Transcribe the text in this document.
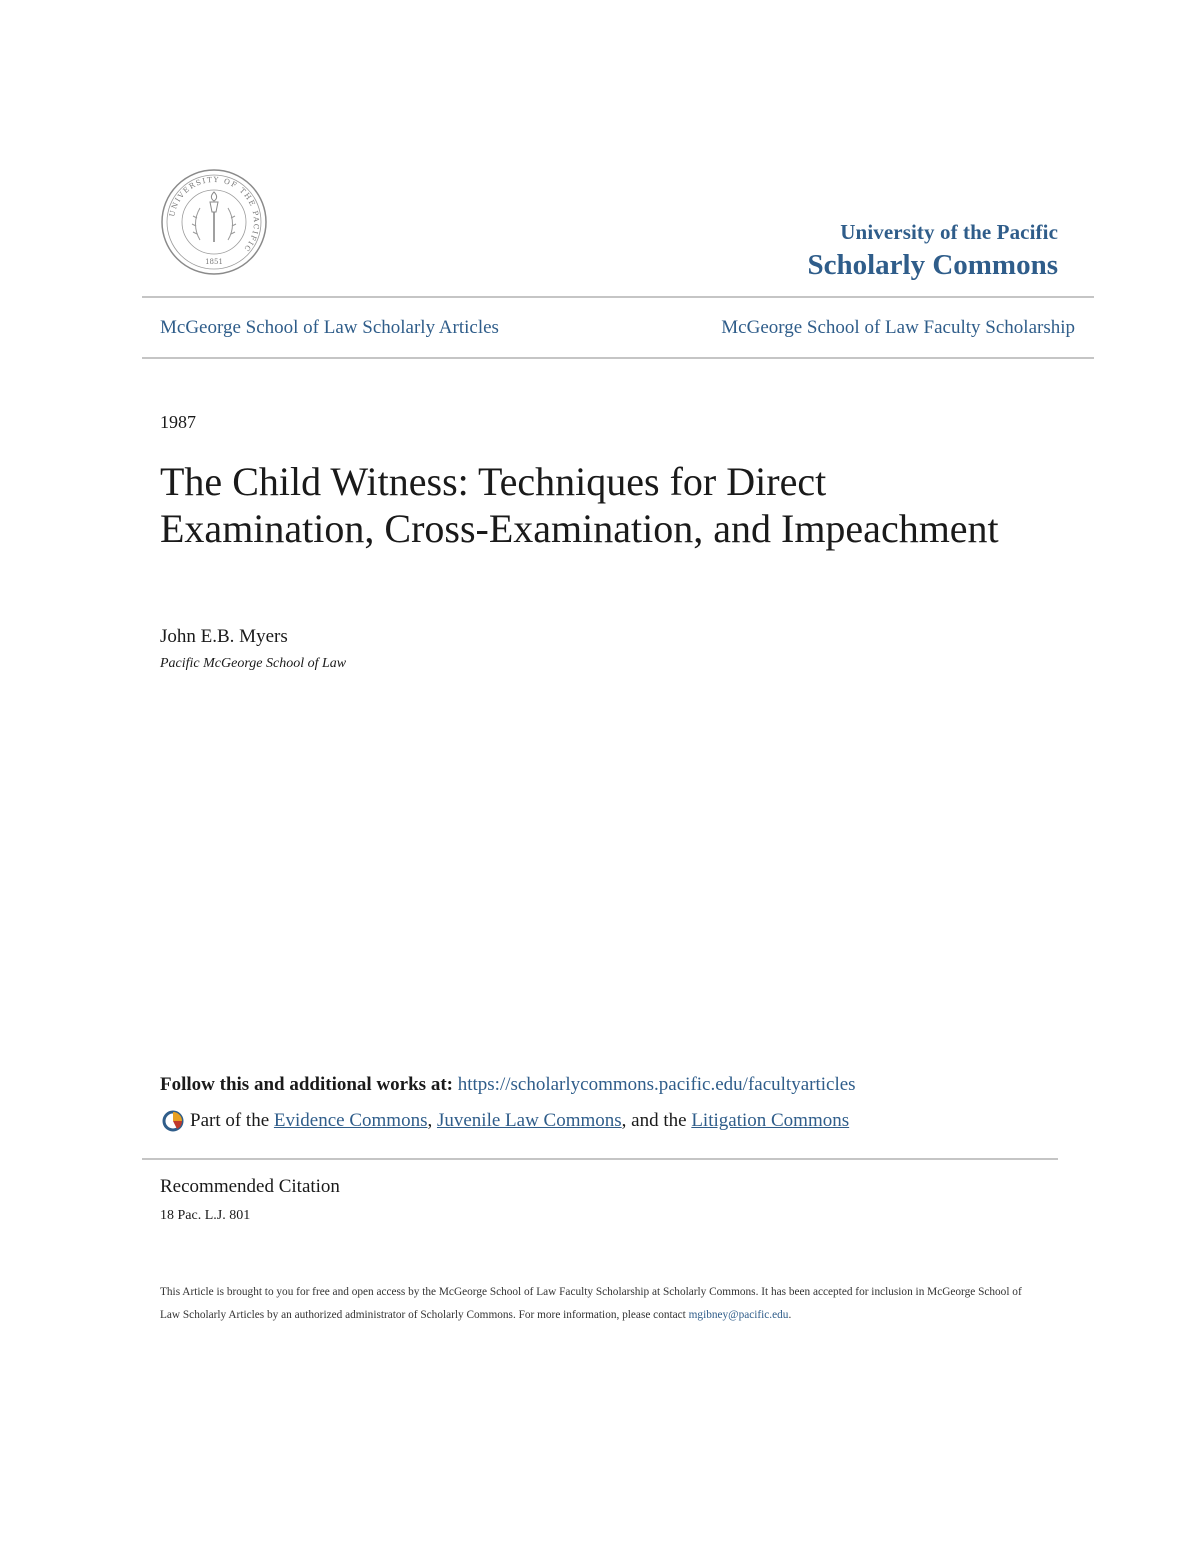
UNIVERSITY OF THE PACIFIC
1851
University of the Pacific
Scholarly Commons
McGeorge School of Law Scholarly Articles	McGeorge School of Law Faculty Scholarship
1987
The Child Witness: Techniques for Direct Examination, Cross-Examination, and Impeachment
John E.B. Myers
Pacific McGeorge School of Law
Follow this and additional works at: https://scholarlycommons.pacific.edu/facultyarticles
Part of the
Evidence Commons ,
Juvenile Law Commons , and the
Litigation Commons
Recommended Citation
18 Pac. L.J. 801
This Article is brought to you for free and open access by the McGeorge School of Law Faculty Scholarship at Scholarly Commons. It has been accepted for inclusion in McGeorge School of Law Scholarly Articles by an authorized administrator of Scholarly Commons. For more information, please contact mgibney@pacific.edu.
